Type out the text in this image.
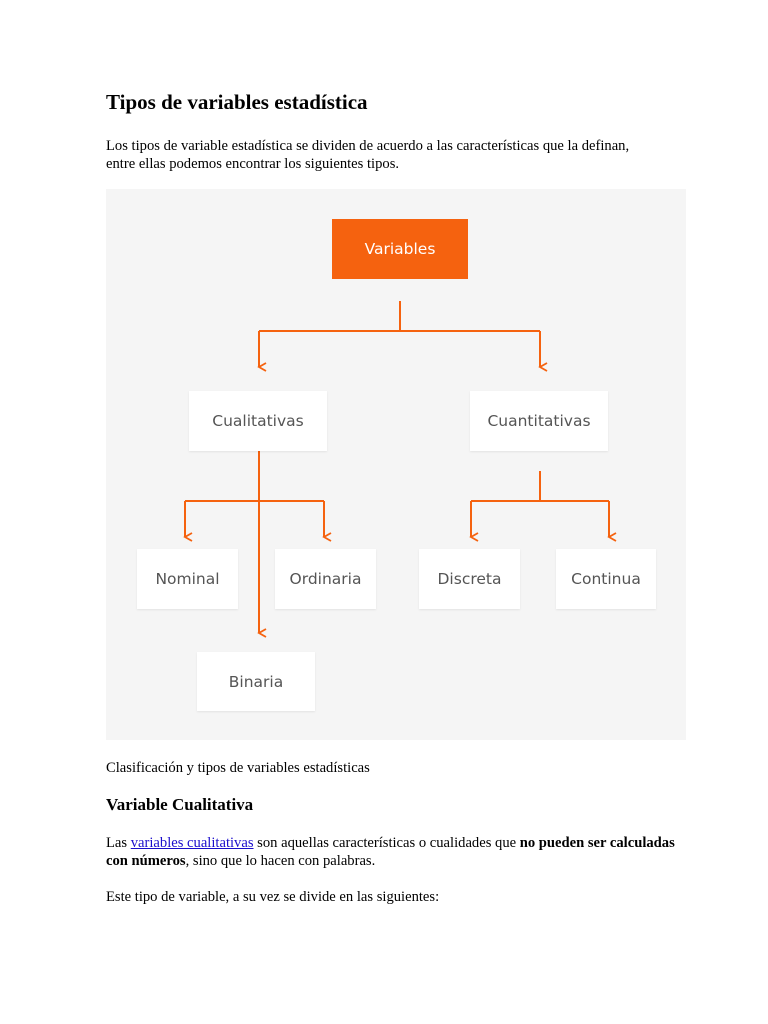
Tipos de variables estadística

Los tipos de variable estadística se dividen de acuerdo a las características que la definan,
entre ellas podemos encontrar los siguientes tipos.

Variables
Cualitativas	Cuantitativas
Nominal	Ordinaria	Discreta	Continua
Binaria

Clasificación y tipos de variables estadísticas

Variable Cualitativa

Las variables cualitativas son aquellas características o cualidades que no pueden ser calculadas con números, sino que lo hacen con palabras.

Este tipo de variable, a su vez se divide en las siguientes:
